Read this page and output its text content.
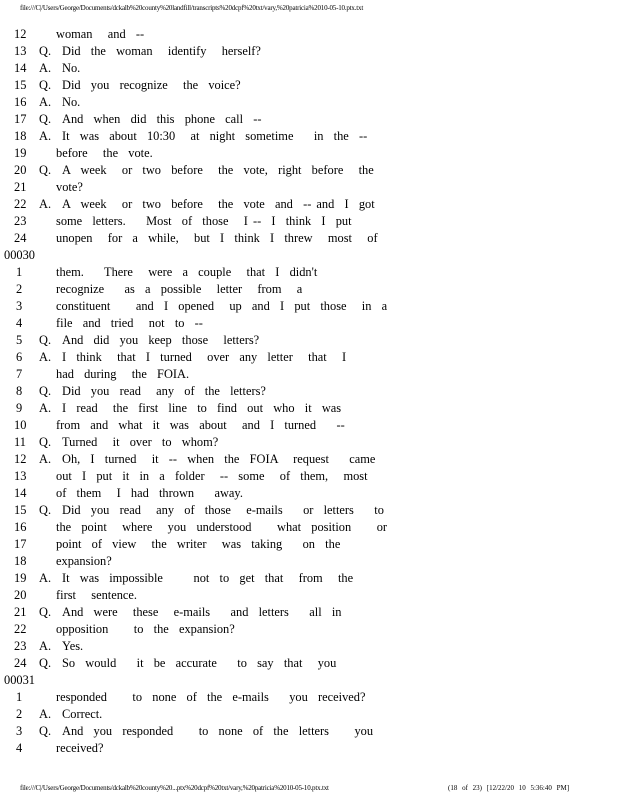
file:///C|/Users/George/Documents/dckalb%20county%20landfill/transcripts%20dcpf%20txt/vary,%20patricia%2010-05-10.ptx.txt
12 woman   and  --
13 Q. Did  the  woman   identify   herself?
14 A. No.
15 Q. Did  you  recognize   the  voice?
16 A. No.
17 Q. And  when  did  this  phone  call  --
18 A. It  was  about  10:30   at  night  sometime    in  the  --
19 before   the  vote.
20 Q. A  week   or  two  before   the  vote,  right  before   the
21 vote?
22 A. A  week   or  two  before   the  vote  and  -- and  I  got
23 some  letters.    Most  of  those   I --  I  think  I  put
24 unopen   for  a  while,   but  I  think  I  threw   most   of
00030
1	them.    There   were  a  couple   that  I  didn't
2	recognize    as  a  possible   letter   from   a
3	constituent     and  I  opened   up  and  I  put  those   in  a
4	file  and  tried   not  to  --
5 Q. And  did  you  keep  those   letters?
6 A. I  think   that  I  turned   over  any  letter   that   I
7	had  during   the  FOIA.
8 Q. Did  you  read   any  of  the  letters?
9 A. I  read   the  first  line  to  find  out  who  it  was
10 from  and  what  it  was  about   and  I  turned    --
11 Q. Turned   it  over  to  whom?
12 A. Oh,  I  turned   it  --  when  the  FOIA   request    came
13 out  I  put  it  in  a  folder   --  some   of  them,   most
14 of  them   I  had  thrown    away.
15 Q. Did  you  read   any  of  those   e-mails    or  letters    to
16 the  point   where   you  understood     what  position     or
17 point  of  view   the  writer   was  taking    on  the
18 expansion?
19 A. It  was  impossible      not  to  get  that   from   the
20 first   sentence.
21 Q. And  were   these   e-mails    and  letters    all  in
22 opposition     to  the  expansion?
23 A. Yes.
24 Q. So  would    it  be  accurate    to  say  that   you
00031
1	responded     to  none  of  the  e-mails    you  received?
2 A. Correct.
3 Q. And  you  responded     to  none  of  the  letters     you
4	received?
file:///C|/Users/George/Documents/dckalb%20county%20...ptx%20dcpf%20txt/vary,%20patricia%2010-05-10.ptx.txt	(18 of 23) [12/22/20 10 5:36:40 PM]
